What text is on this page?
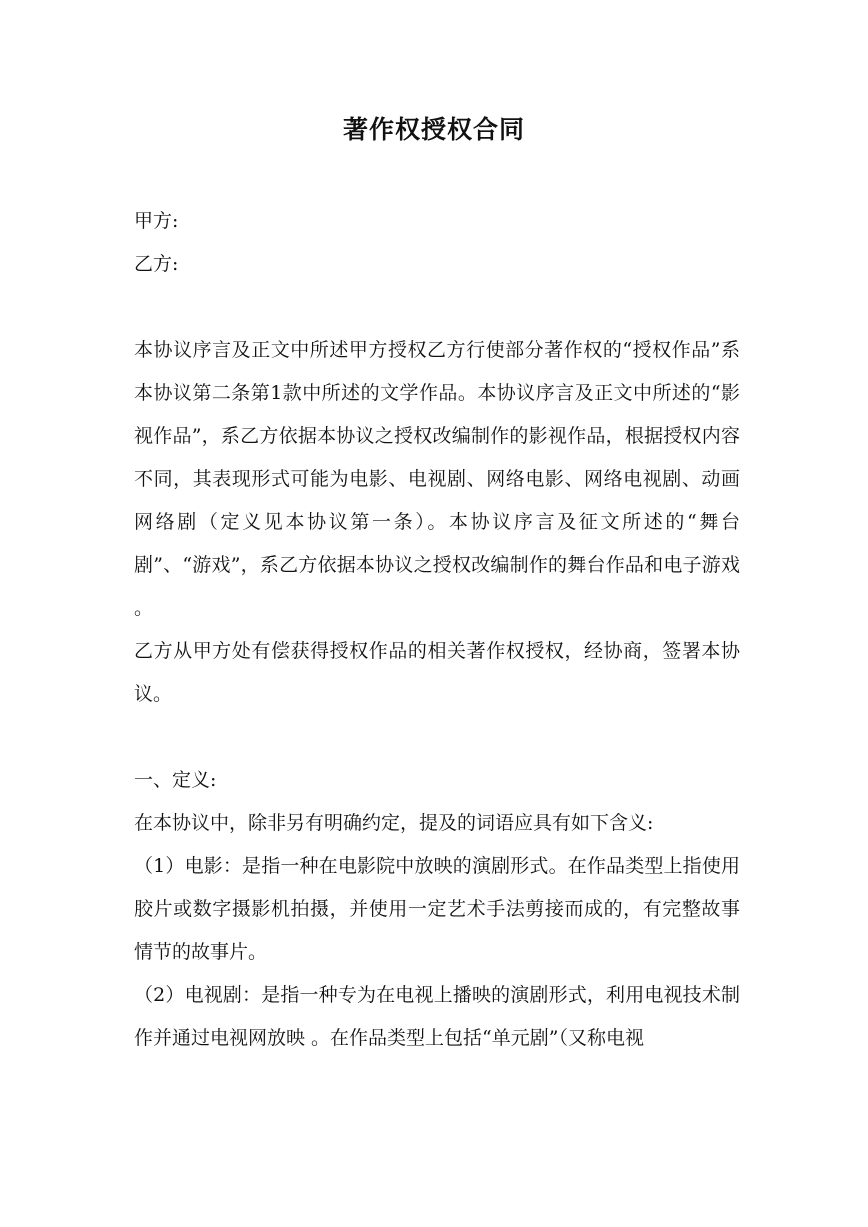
著作权授权合同
甲方:
乙方:

本协议序言及正文中所述甲方授权乙方行使部分著作权的“授权作品”系本协议第二条第1款中所述的文学作品。本协议序言及正文中所述的“影视作品”，系乙方依据本协议之授权改编制作的影视作品，根据授权内容不同，其表现形式可能为电影、电视剧、网络电影、网络电视剧、动画网络剧（定义见本协议第一条）。本协议序言及征文所述的“舞台剧”、“游戏”，系乙方依据本协议之授权改编制作的舞台作品和电子游戏 。

乙方从甲方处有偿获得授权作品的相关著作权授权，经协商，签署本协议。

一、定义:

在本协议中，除非另有明确约定，提及的词语应具有如下含义:

（1）电影：是指一种在电影院中放映的演剧形式。在作品类型上指使用胶片或数字摄影机拍摄，并使用一定艺术手法剪接而成的，有完整故事情节的故事片。

（2）电视剧：是指一种专为在电视上播映的演剧形式，利用电视技术制作并通过电视网放映 。在作品类型上包括“单元剧”（又称电视
